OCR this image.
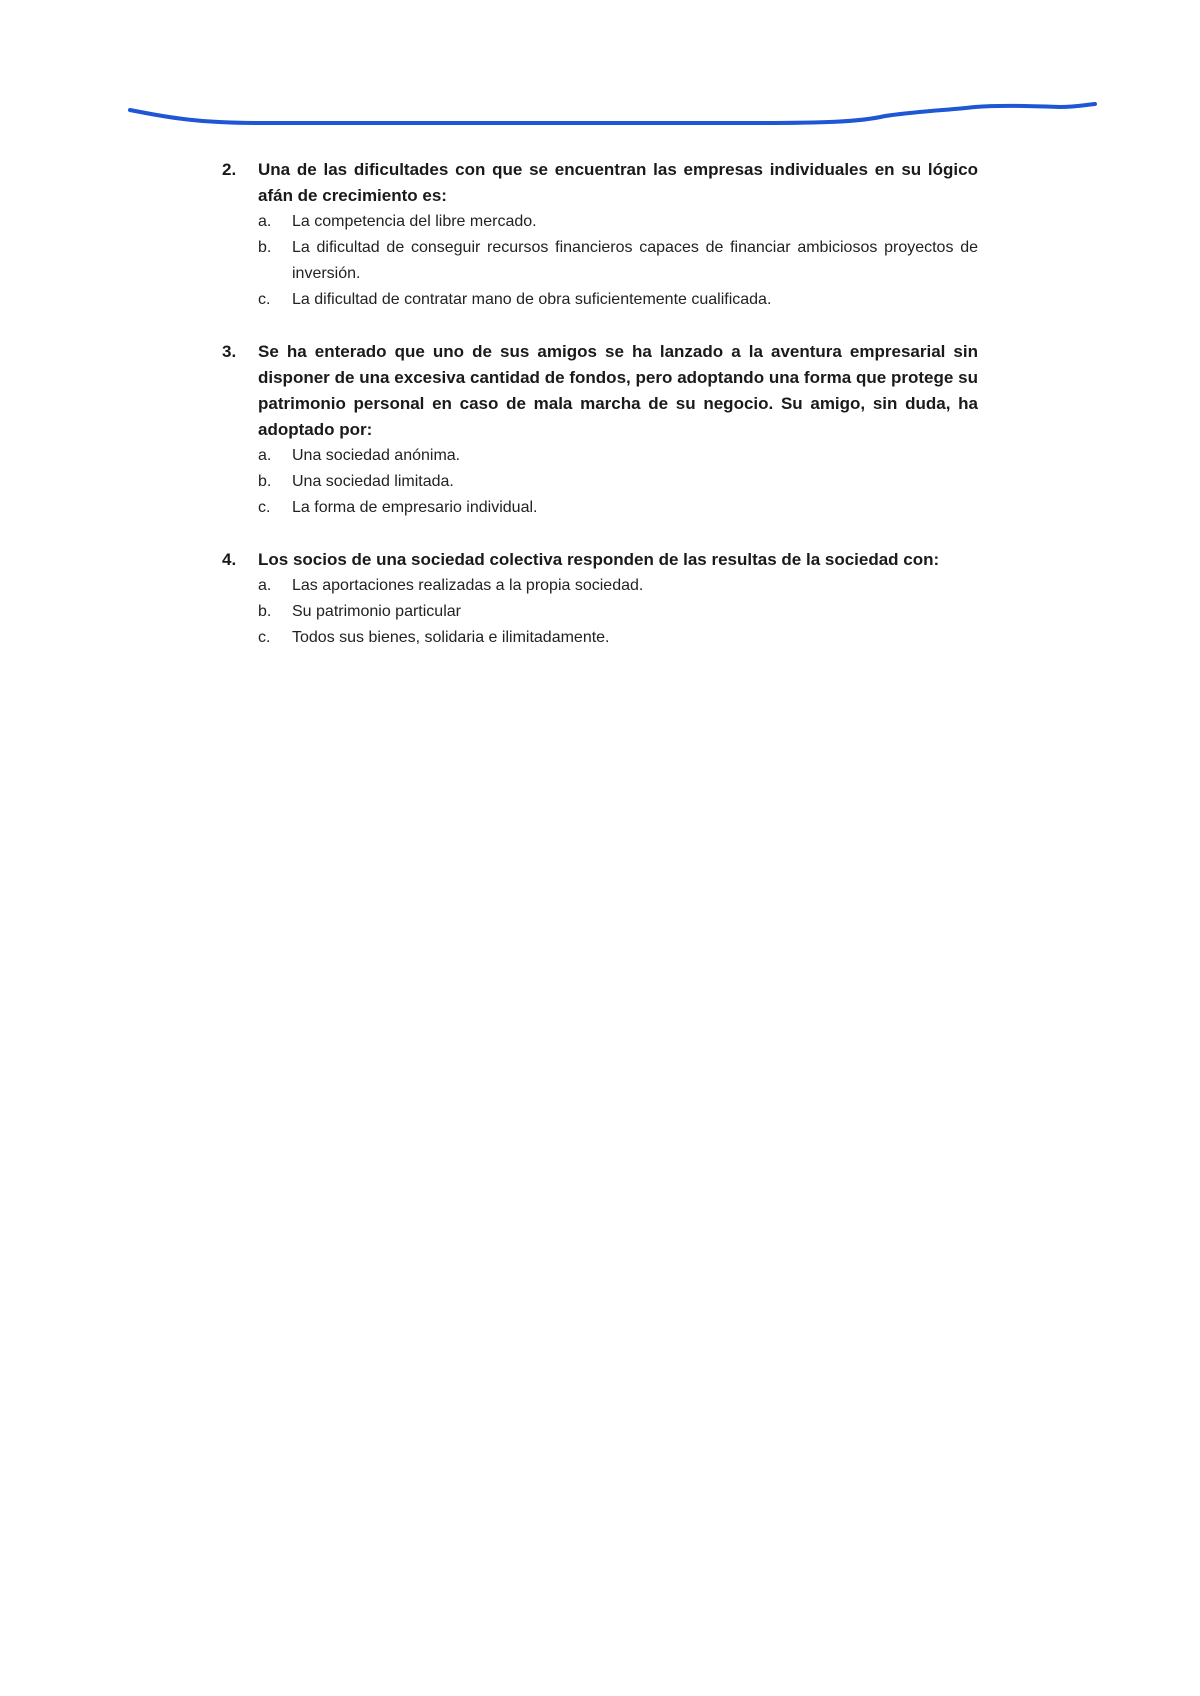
2.	Una de las dificultades con que se encuentran las empresas individuales en su lógico afán de crecimiento es:
a.	La competencia del libre mercado.
b.	La dificultad de conseguir recursos financieros capaces de financiar ambiciosos proyectos de inversión.
c.	La dificultad de contratar mano de obra suficientemente cualificada.
3.	Se ha enterado que uno de sus amigos se ha lanzado a la aventura empresarial sin disponer de una excesiva cantidad de fondos, pero adoptando una forma que protege su patrimonio personal en caso de mala marcha de su negocio. Su amigo, sin duda, ha adoptado por:
a.	Una sociedad anónima.
b.	Una sociedad limitada.
c.	La forma de empresario individual.
4.	Los socios de una sociedad colectiva responden de las resultas de la sociedad con:
a.	Las aportaciones realizadas a la propia sociedad.
b.	Su patrimonio particular
c.	Todos sus bienes, solidaria e ilimitadamente.
